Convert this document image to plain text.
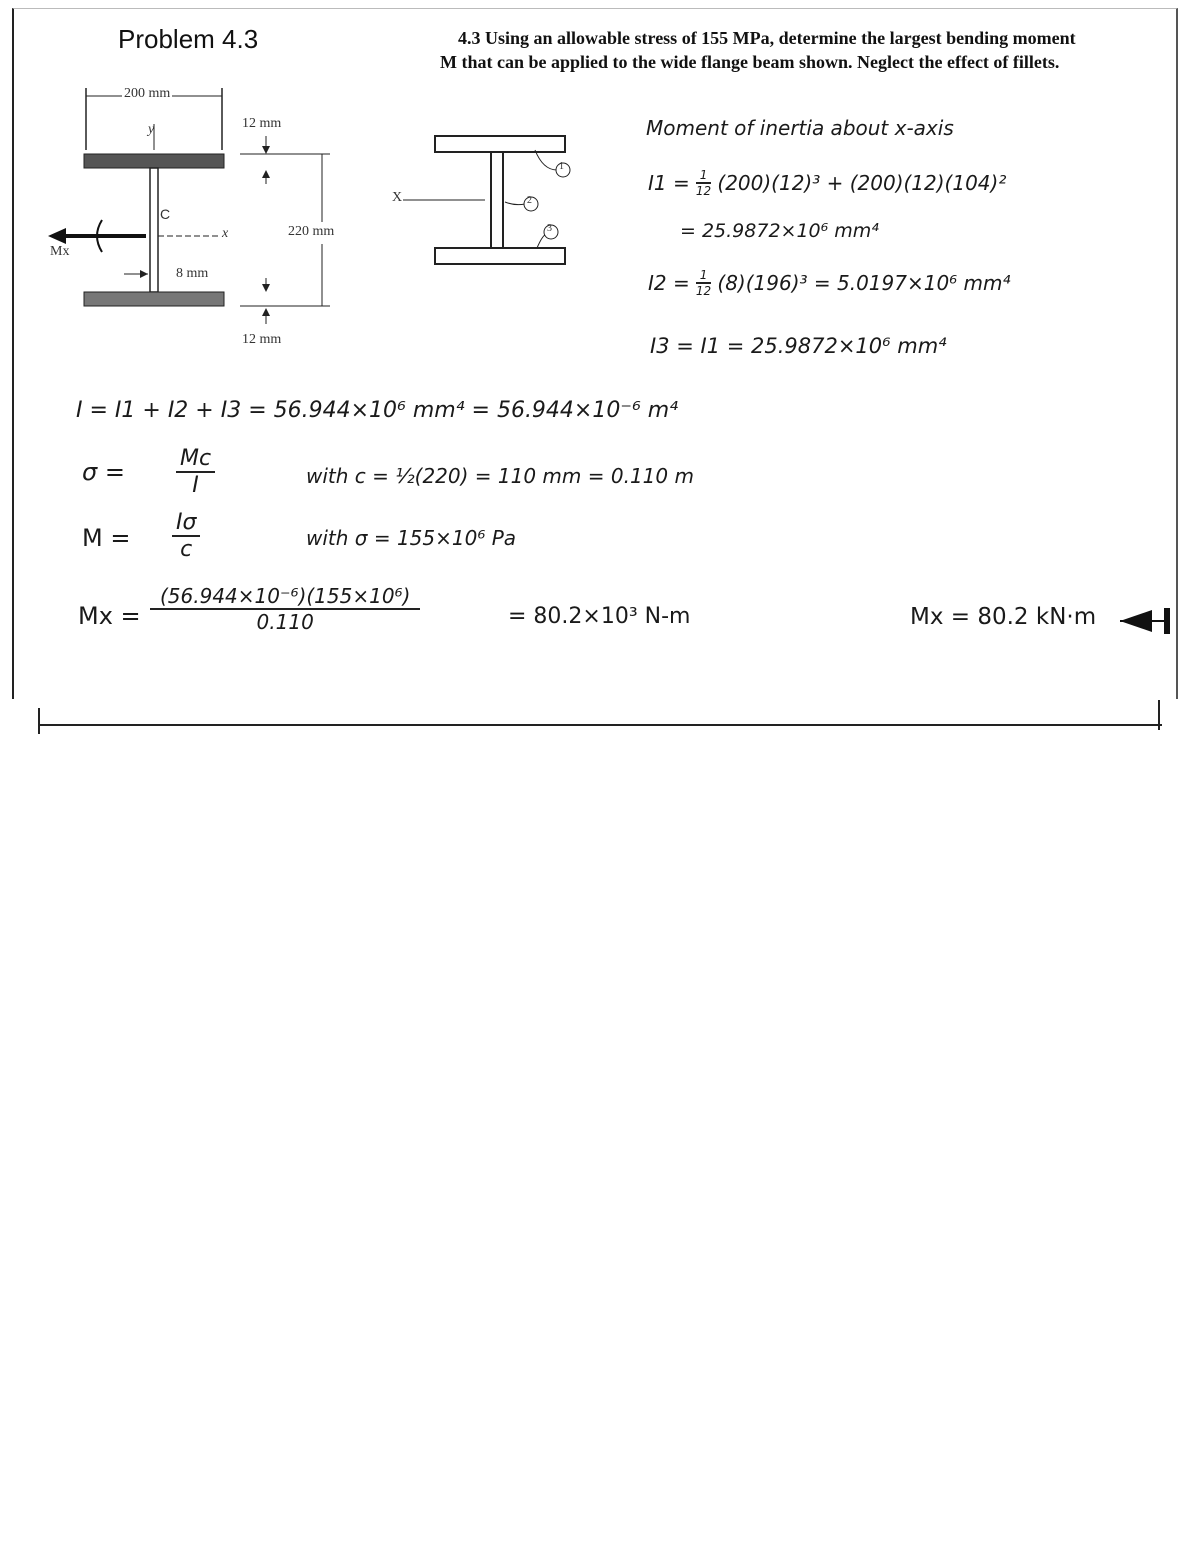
Problem 4.3	4.3 Using an allowable stress of 155 MPa, determine the largest bending moment
M that can be applied to the wide flange beam shown. Neglect the effect of fillets.
200 mm
y	12 mm
C
x	220 mm
Mx
8 mm
12 mm
X
1
2
3
Moment of inertia about x-axis
$I1 = \frac{1}{12} (200)(12)^3 + (200)(12)(104)^2$
= 25.9872×10⁶ mm⁴
$I2 = \frac{1}{12} (8)(196)^3 = 5.0197\times 10^6$ mm⁴
I3 = I1 = 25.9872×10⁶ mm⁴
I = I1 + I2 + I3 = 56.944×10⁶ mm⁴ = 56.944×10⁻⁶ m⁴
$\sigma = \frac{Mc}{I}$	with c = ½(220) = 110 mm = 0.110 m
$M = \frac{I\sigma}{c}$	with σ = 155×10⁶ Pa
$Mx = \frac{\text{(56.944×10⁻⁶)(155×10⁶)}}{0.110}$	= 80.2×10³ N-m	Mx = 80.2 kN·m
